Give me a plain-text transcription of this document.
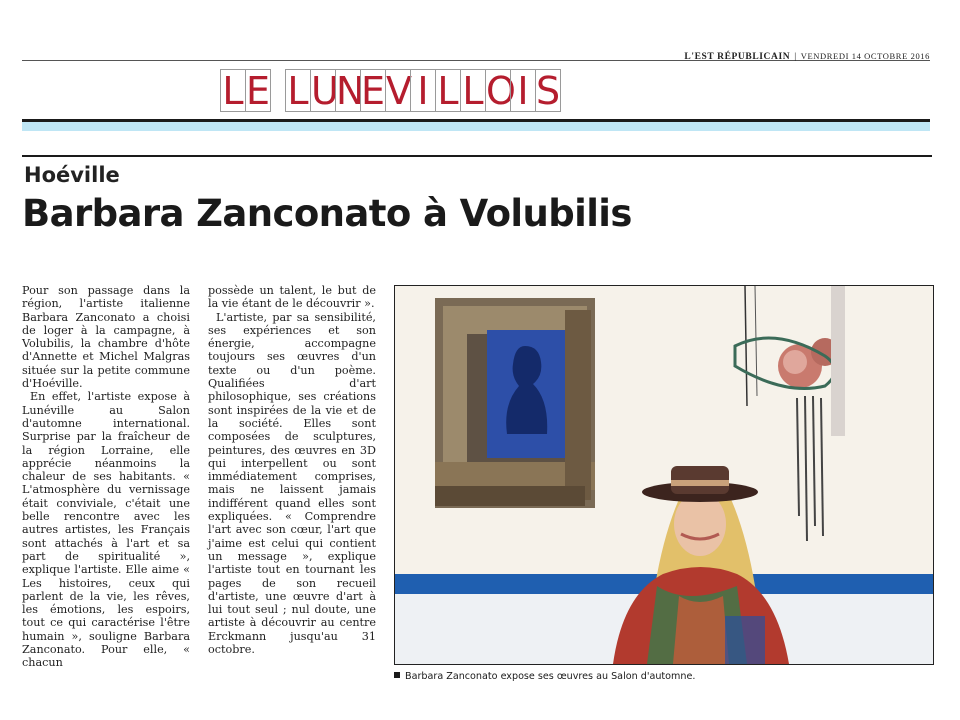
L'EST RÉPUBLICAIN | VENDREDI 14 OCTOBRE 2016
L E
L U
N
E V I L L O I S
Hoéville
Barbara Zanconato à Volubilis

Pour son passage dans la région, l'artiste italienne Barbara Zanconato a choisi de loger à la campagne, à Volubilis, la chambre d'hôte d'Annette et Michel Malgras située sur la petite commune d'Hoéville.

En effet, l'artiste expose à Lunéville au Salon d'automne international. Surprise par la fraîcheur de la région Lorraine, elle apprécie néanmoins la chaleur de ses habitants. « L'atmosphère du vernissage était conviviale, c'était une belle rencontre avec les autres artistes, les Français sont attachés à l'art et sa part de spiritualité », explique l'artiste. Elle aime « Les histoires, ceux qui parlent de la vie, les rêves, les émotions, les espoirs, tout ce qui caractérise l'être humain », souligne Barbara Zanconato. Pour elle, « chacun

possède un talent, le but de la vie étant de le découvrir ».

L'artiste, par sa sensibilité, ses expériences et son énergie, accompagne toujours ses œuvres d'un texte ou d'un poème. Qualifiées d'art philosophique, ses créations sont inspirées de la vie et de la société. Elles sont composées de sculptures, peintures, des œuvres en 3D qui interpellent ou sont immédiatement comprises, mais ne laissent jamais indifférent quand elles sont expliquées. « Comprendre l'art avec son cœur, l'art que j'aime est celui qui contient un message », explique l'artiste tout en tournant les pages de son recueil d'artiste, une œuvre d'art à lui tout seul ; nul doute, une artiste à découvrir au centre Erckmann jusqu'au 31 octobre.

Barbara Zanconato expose ses œuvres au Salon d'automne.
